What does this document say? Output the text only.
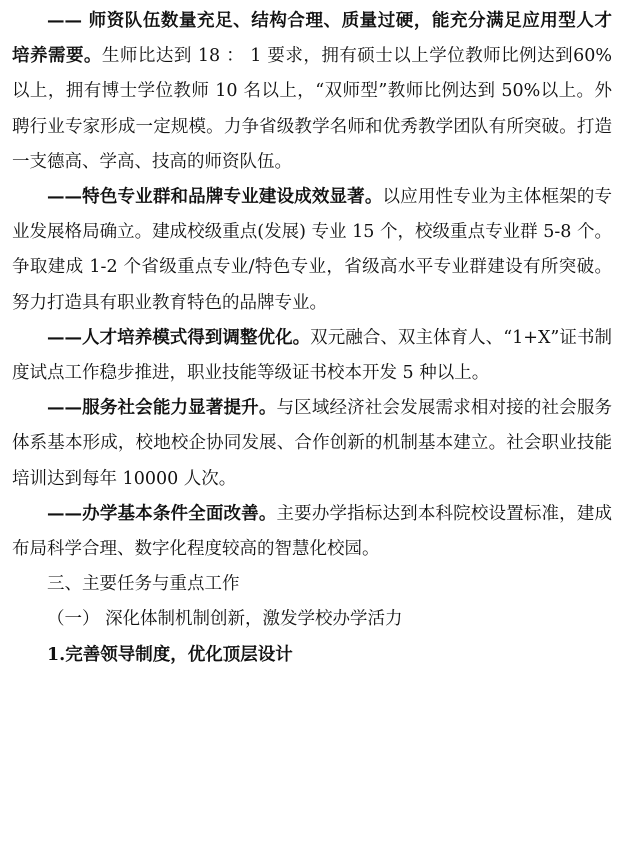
—— 师资队伍数量充足、结构合理、质量过硬，能充分满足应用型人才培养需要。生师比达到 18 ： 1 要求，拥有硕士以上学位教师比例达到60%以上，拥有博士学位教师 10 名以上，“双师型”教师比例达到 50%以上。外聘行业专家形成一定规模。力争省级教学名师和优秀教学团队有所突破。打造一支德高、学高、技高的师资队伍。

——特色专业群和品牌专业建设成效显著。以应用性专业为主体框架的专业发展格局确立。建成校级重点(发展) 专业 15 个，校级重点专业群 5-8 个。争取建成 1-2 个省级重点专业/特色专业，省级高水平专业群建设有所突破。努力打造具有职业教育特色的品牌专业。

——人才培养模式得到调整优化。双元融合、双主体育人、“1+X”证书制度试点工作稳步推进，职业技能等级证书校本开发 5 种以上。

——服务社会能力显著提升。与区域经济社会发展需求相对接的社会服务体系基本形成，校地校企协同发展、合作创新的机制基本建立。社会职业技能培训达到每年 10000 人次。

——办学基本条件全面改善。主要办学指标达到本科院校设置标准，建成布局科学合理、数字化程度较高的智慧化校园。

三、主要任务与重点工作

（一） 深化体制机制创新，激发学校办学活力

1.完善领导制度，优化顶层设计
